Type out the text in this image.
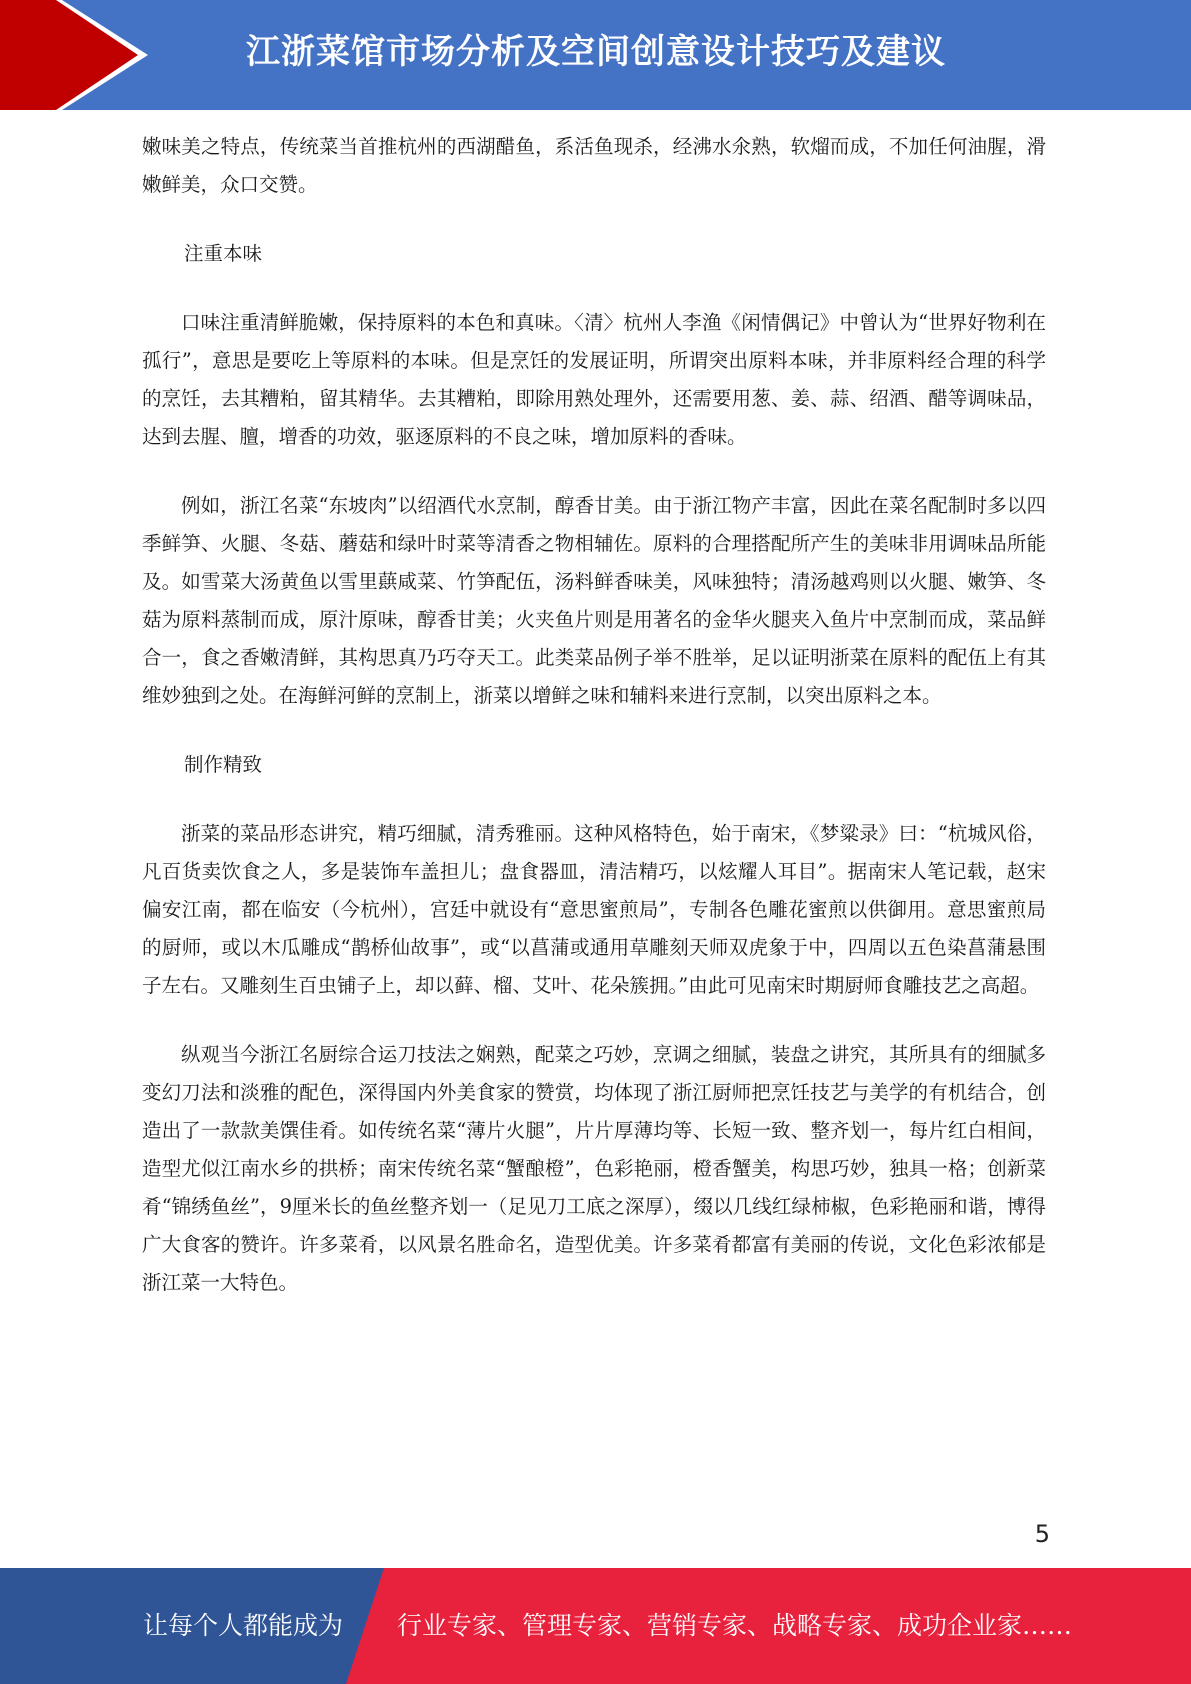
江浙菜馆市场分析及空间创意设计技巧及建议

嫩味美之特点，传统菜当首推杭州的西湖醋鱼，系活鱼现杀，经沸水氽熟，软熘而成，不加任何油腥，滑嫩鲜美，众口交赞。

注重本味

口味注重清鲜脆嫩，保持原料的本色和真味。〈清〉杭州人李渔《闲情偶记》中曾认为“世界好物利在孤行”，意思是要吃上等原料的本味。但是烹饪的发展证明，所谓突出原料本味，并非原料经合理的科学的烹饪，去其糟粕，留其精华。去其糟粕，即除用熟处理外，还需要用葱、姜、蒜、绍酒、醋等调味品，达到去腥、膻，增香的功效，驱逐原料的不良之味，增加原料的香味。

例如，浙江名菜“东坡肉”以绍酒代水烹制，醇香甘美。由于浙江物产丰富，因此在菜名配制时多以四季鲜笋、火腿、冬菇、蘑菇和绿叶时菜等清香之物相辅佐。原料的合理搭配所产生的美味非用调味品所能及。如雪菜大汤黄鱼以雪里蕻咸菜、竹笋配伍，汤料鲜香味美，风味独特；清汤越鸡则以火腿、嫩笋、冬菇为原料蒸制而成，原汁原味，醇香甘美；火夹鱼片则是用著名的金华火腿夹入鱼片中烹制而成，菜品鲜合一，食之香嫩清鲜，其构思真乃巧夺天工。此类菜品例子举不胜举，足以证明浙菜在原料的配伍上有其维妙独到之处。在海鲜河鲜的烹制上，浙菜以增鲜之味和辅料来进行烹制，以突出原料之本。

制作精致

浙菜的菜品形态讲究，精巧细腻，清秀雅丽。这种风格特色，始于南宋，《梦粱录》曰：“杭城风俗，凡百货卖饮食之人，多是装饰车盖担儿；盘食器皿，清洁精巧，以炫耀人耳目”。据南宋人笔记载，赵宋偏安江南，都在临安（今杭州），宫廷中就设有“意思蜜煎局”，专制各色雕花蜜煎以供御用。意思蜜煎局的厨师，或以木瓜雕成“鹊桥仙故事”，或“以菖蒲或通用草雕刻天师双虎象于中，四周以五色染菖蒲悬围子左右。又雕刻生百虫铺子上，却以藓、榴、艾叶、花朵簇拥。”由此可见南宋时期厨师食雕技艺之高超。

纵观当今浙江名厨综合运刀技法之娴熟，配菜之巧妙，烹调之细腻，装盘之讲究，其所具有的细腻多变幻刀法和淡雅的配色，深得国内外美食家的赞赏，均体现了浙江厨师把烹饪技艺与美学的有机结合，创造出了一款款美馔佳肴。如传统名菜“薄片火腿”，片片厚薄均等、长短一致、整齐划一，每片红白相间，造型尤似江南水乡的拱桥；南宋传统名菜“蟹酿橙”，色彩艳丽，橙香蟹美，构思巧妙，独具一格；创新菜肴“锦绣鱼丝”，9厘米长的鱼丝整齐划一（足见刀工底之深厚），缀以几线红绿柿椒，色彩艳丽和谐，博得广大食客的赞许。许多菜肴，以风景名胜命名，造型优美。许多菜肴都富有美丽的传说，文化色彩浓郁是浙江菜一大特色。

5
让每个人都能成为 行业专家、管理专家、营销专家、战略专家、成功企业家……
